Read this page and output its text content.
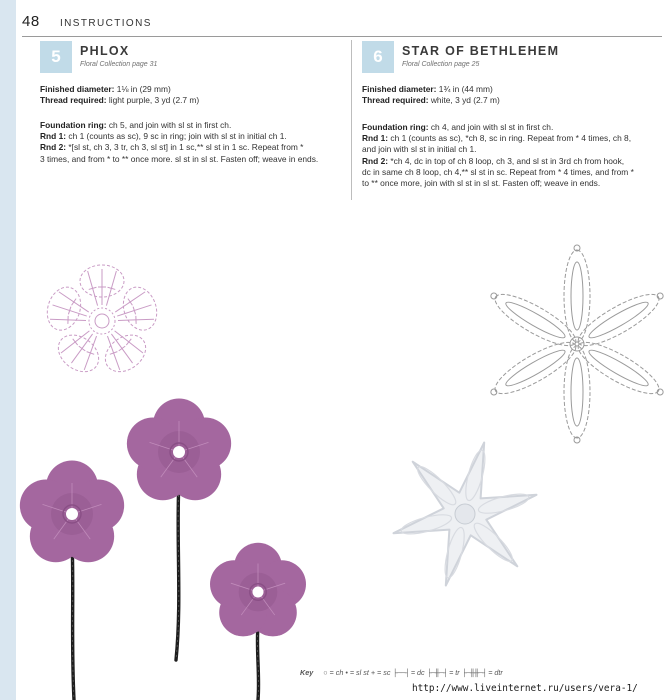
48 INSTRUCTIONS
5	PHLOX
Floral Collection page 31
Finished diameter: 1⅛ in (29 mm)
Thread required: light purple, 3 yd (2.7 m)
Foundation ring: ch 5, and join with sl st in first ch.
Rnd 1: ch 1 (counts as sc), 9 sc in ring; join with sl st in initial ch 1.
Rnd 2: *[sl st, ch 3, 3 tr, ch 3, sl st] in 1 sc,** sl st in 1 sc. Repeat from *
3 times, and from * to ** once more. sl st in sl st. Fasten off; weave in ends.
6	STAR OF BETHLEHEM
Floral Collection page 25
Finished diameter: 1¾ in (44 mm)
Thread required: white, 3 yd (2.7 m)
Foundation ring: ch 4, and join with sl st in first ch.
Rnd 1: ch 1 (counts as sc), *ch 8, sc in ring. Repeat from * 4 times, ch 8,
and join with sl st in initial ch 1.
Rnd 2: *ch 4, dc in top of ch 8 loop, ch 3, and sl st in 3rd ch from hook,
dc in same ch 8 loop, ch 4,** sl st in sc. Repeat from * 4 times, and from *
to ** once more, join with sl st in sl st. Fasten off; weave in ends.
Key ○ = ch • = sl st + = sc ├──┤ = dc ├─╫─┤ = tr ├─╫╫─┤ = dtr
http://www.liveinternet.ru/users/vera-1/
